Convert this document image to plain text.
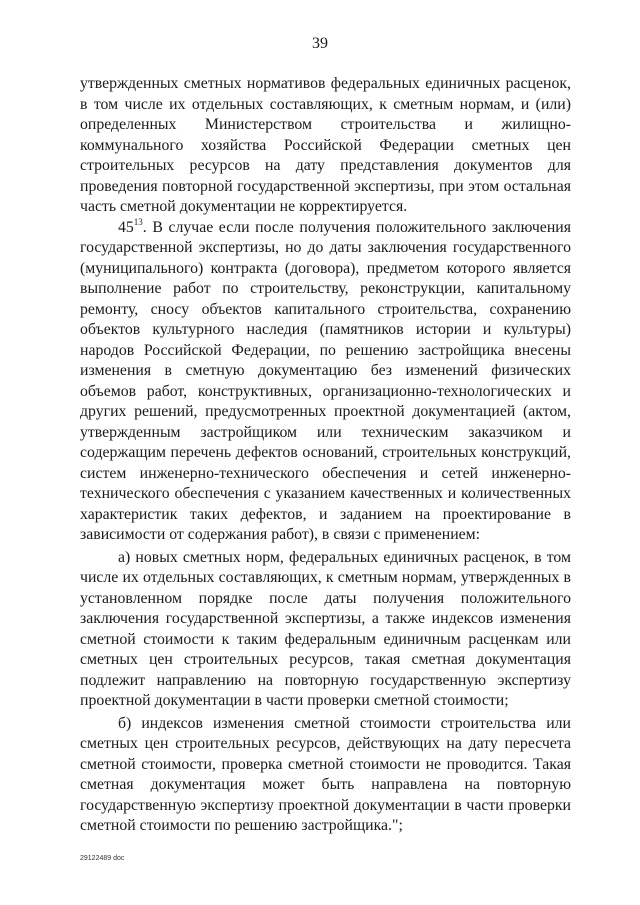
39

утвержденных сметных нормативов федеральных единичных расценок, в том числе их отдельных составляющих, к сметным нормам, и (или) определенных Министерством строительства и жилищно-коммунального хозяйства Российской Федерации сметных цен строительных ресурсов на дату представления документов для проведения повторной государственной экспертизы, при этом остальная часть сметной документации не корректируется.

$45^{13}$. В случае если после получения положительного заключения государственной экспертизы, но до даты заключения государственного (муниципального) контракта (договора), предметом которого является выполнение работ по строительству, реконструкции, капитальному ремонту, сносу объектов капитального строительства, сохранению объектов культурного наследия (памятников истории и культуры) народов Российской Федерации, по решению застройщика внесены изменения в сметную документацию без изменений физических объемов работ, конструктивных, организационно-технологических и других решений, предусмотренных проектной документацией (актом, утвержденным застройщиком или техническим заказчиком и содержащим перечень дефектов оснований, строительных конструкций, систем инженерно-технического обеспечения и сетей инженерно-технического обеспечения с указанием качественных и количественных характеристик таких дефектов, и заданием на проектирование в зависимости от содержания работ), в связи с применением:

а) новых сметных норм, федеральных единичных расценок, в том числе их отдельных составляющих, к сметным нормам, утвержденных в установленном порядке после даты получения положительного заключения государственной экспертизы, а также индексов изменения сметной стоимости к таким федеральным единичным расценкам или сметных цен строительных ресурсов, такая сметная документация подлежит направлению на повторную государственную экспертизу проектной документации в части проверки сметной стоимости;

б) индексов изменения сметной стоимости строительства или сметных цен строительных ресурсов, действующих на дату пересчета сметной стоимости, проверка сметной стоимости не проводится. Такая сметная документация может быть направлена на повторную государственную экспертизу проектной документации в части проверки сметной стоимости по решению застройщика.";

29122489 doc
